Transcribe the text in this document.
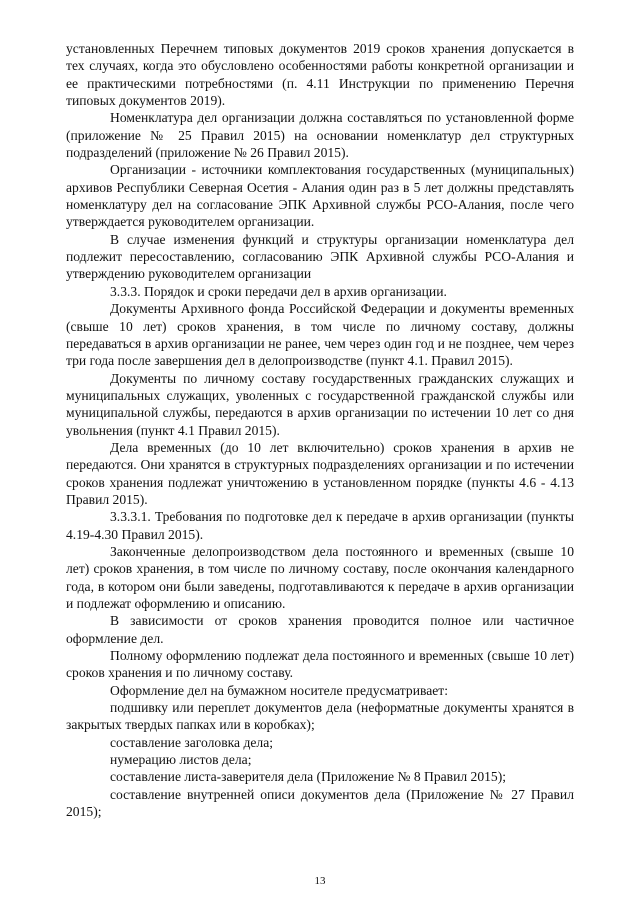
установленных Перечнем типовых документов 2019 сроков хранения допускается в тех случаях, когда это обусловлено особенностями работы конкретной организации и ее практическими потребностями (п. 4.11 Инструкции по применению Перечня типовых документов 2019).

Номенклатура дел организации должна составляться по установленной форме (приложение № 25 Правил 2015) на основании номенклатур дел структурных подразделений (приложение № 26 Правил 2015).

Организации - источники комплектования государственных (муниципальных) архивов Республики Северная Осетия - Алания один раз в 5 лет должны представлять номенклатуру дел на согласование ЭПК Архивной службы РСО-Алания, после чего утверждается руководителем организации.

В случае изменения функций и структуры организации номенклатура дел подлежит пересоставлению, согласованию ЭПК Архивной службы РСО-Алания и утверждению руководителем организации

3.3.3. Порядок и сроки передачи дел в архив организации.

Документы Архивного фонда Российской Федерации и документы временных (свыше 10 лет) сроков хранения, в том числе по личному составу, должны передаваться в архив организации не ранее, чем через один год и не позднее, чем через три года после завершения дел в делопроизводстве (пункт 4.1. Правил 2015).

Документы по личному составу государственных гражданских служащих и муниципальных служащих, уволенных с государственной гражданской службы или муниципальной службы, передаются в архив организации по истечении 10 лет со дня увольнения (пункт 4.1 Правил 2015).

Дела временных (до 10 лет включительно) сроков хранения в архив не передаются. Они хранятся в структурных подразделениях организации и по истечении сроков хранения подлежат уничтожению в установленном порядке (пункты 4.6 - 4.13 Правил 2015).

3.3.3.1. Требования по подготовке дел к передаче в архив организации (пункты 4.19-4.30 Правил 2015).

Законченные делопроизводством дела постоянного и временных (свыше 10 лет) сроков хранения, в том числе по личному составу, после окончания календарного года, в котором они были заведены, подготавливаются к передаче в архив организации и подлежат оформлению и описанию.

В зависимости от сроков хранения проводится полное или частичное оформление дел.

Полному оформлению подлежат дела постоянного и временных (свыше 10 лет) сроков хранения и по личному составу.

Оформление дел на бумажном носителе предусматривает:

подшивку или переплет документов дела (неформатные документы хранятся в закрытых твердых папках или в коробках);

составление заголовка дела;

нумерацию листов дела;

составление листа-заверителя дела (Приложение № 8 Правил 2015);

составление внутренней описи документов дела (Приложение № 27 Правил 2015);

13
